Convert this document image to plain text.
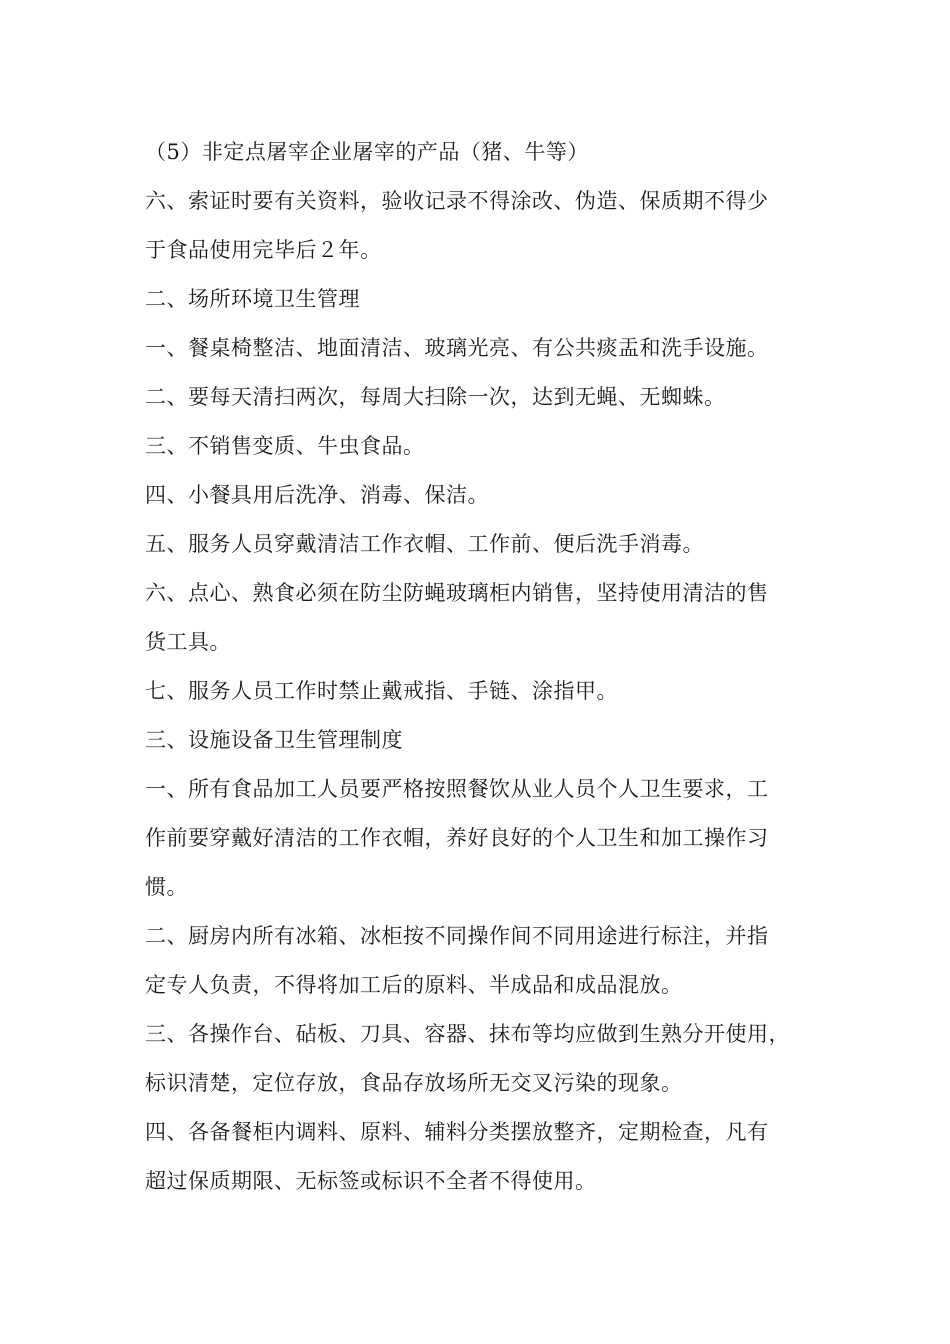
（5）非定点屠宰企业屠宰的产品（猪、牛等）
六、索证时要有关资料，验收记录不得涂改、伪造、保质期不得少
于食品使用完毕后２年。
二、场所环境卫生管理
一、餐桌椅整洁、地面清洁、玻璃光亮、有公共痰盂和洗手设施。
二、要每天清扫两次，每周大扫除一次，达到无蝇、无蜘蛛。
三、不销售变质、牛虫食品。
四、小餐具用后洗净、消毒、保洁。
五、服务人员穿戴清洁工作衣帽、工作前、便后洗手消毒。
六、点心、熟食必须在防尘防蝇玻璃柜内销售，坚持使用清洁的售
货工具。
七、服务人员工作时禁止戴戒指、手链、涂指甲。
三、设施设备卫生管理制度
一、所有食品加工人员要严格按照餐饮从业人员个人卫生要求，工
作前要穿戴好清洁的工作衣帽，养好良好的个人卫生和加工操作习
惯。
二、厨房内所有冰箱、冰柜按不同操作间不同用途进行标注，并指
定专人负责，不得将加工后的原料、半成品和成品混放。
三、各操作台、砧板、刀具、容器、抹布等均应做到生熟分开使用，
标识清楚，定位存放，食品存放场所无交叉污染的现象。
四、各备餐柜内调料、原料、辅料分类摆放整齐，定期检查，凡有
超过保质期限、无标签或标识不全者不得使用。
